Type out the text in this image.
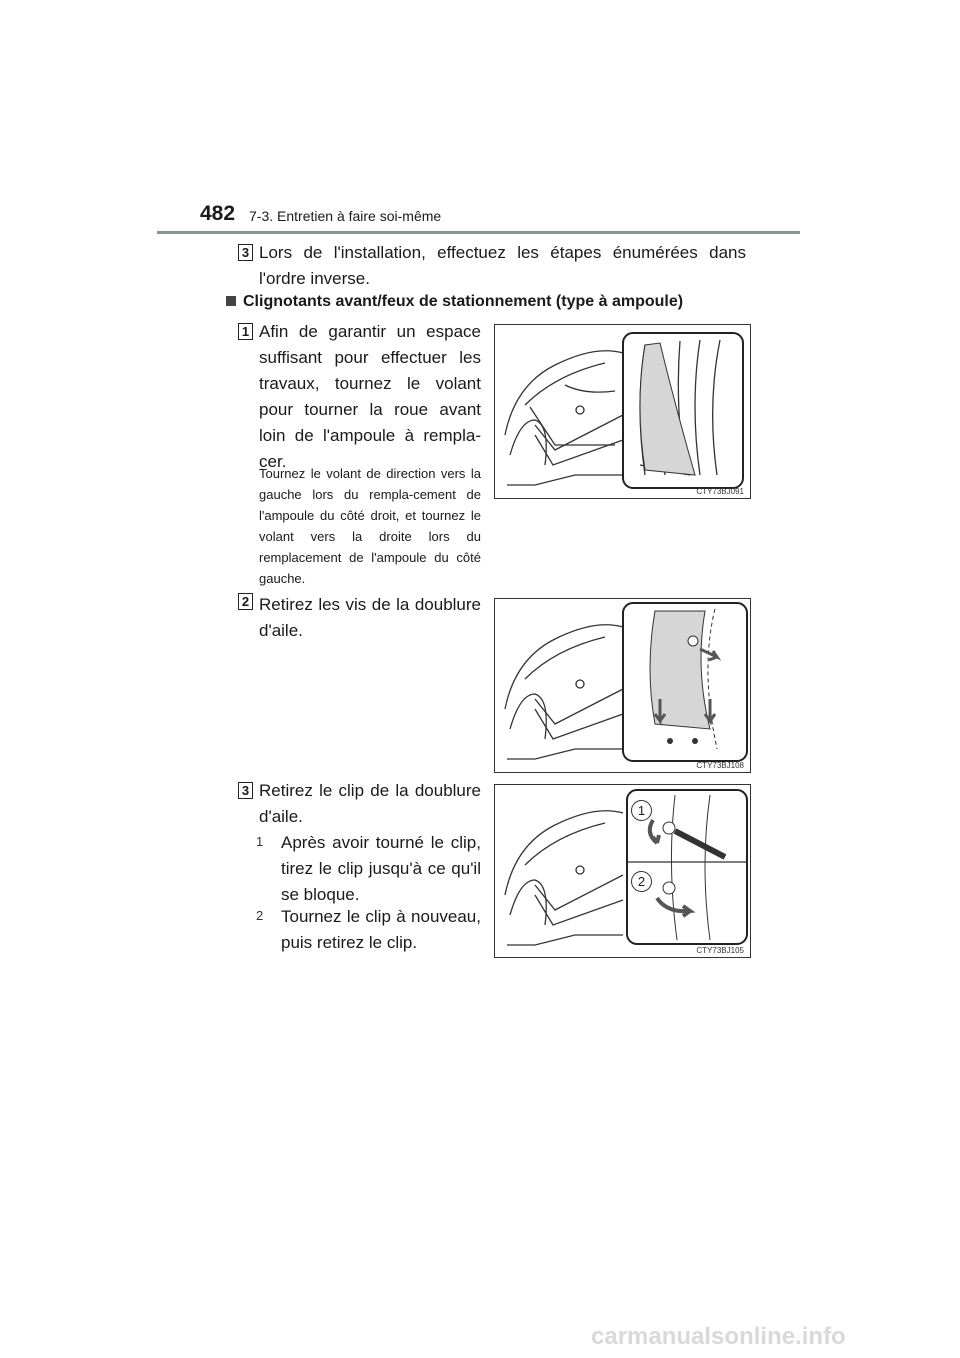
482 7-3. Entretien à faire soi-même
3 Lors de l'installation, effectuez les étapes énumérées dans l'ordre inverse.
Clignotants avant/feux de stationnement (type à ampoule)
1 Afin de garantir un espace suffisant pour effectuer les travaux, tournez le volant pour tourner la roue avant loin de l'ampoule à rempla-cer.
Tournez le volant de direction vers la gauche lors du rempla-cement de l'ampoule du côté droit, et tournez le volant vers la droite lors du remplacement de l'ampoule du côté gauche.
CTY73BJ091
2 Retirez les vis de la doublure d'aile.
CTY73BJ108
3 Retirez le clip de la doublure d'aile.
1 Après avoir tourné le clip, tirez le clip jusqu'à ce qu'il se bloque.
2 Tournez le clip à nouveau, puis retirez le clip.
1
2
CTY73BJ105
carmanualsonline.info
